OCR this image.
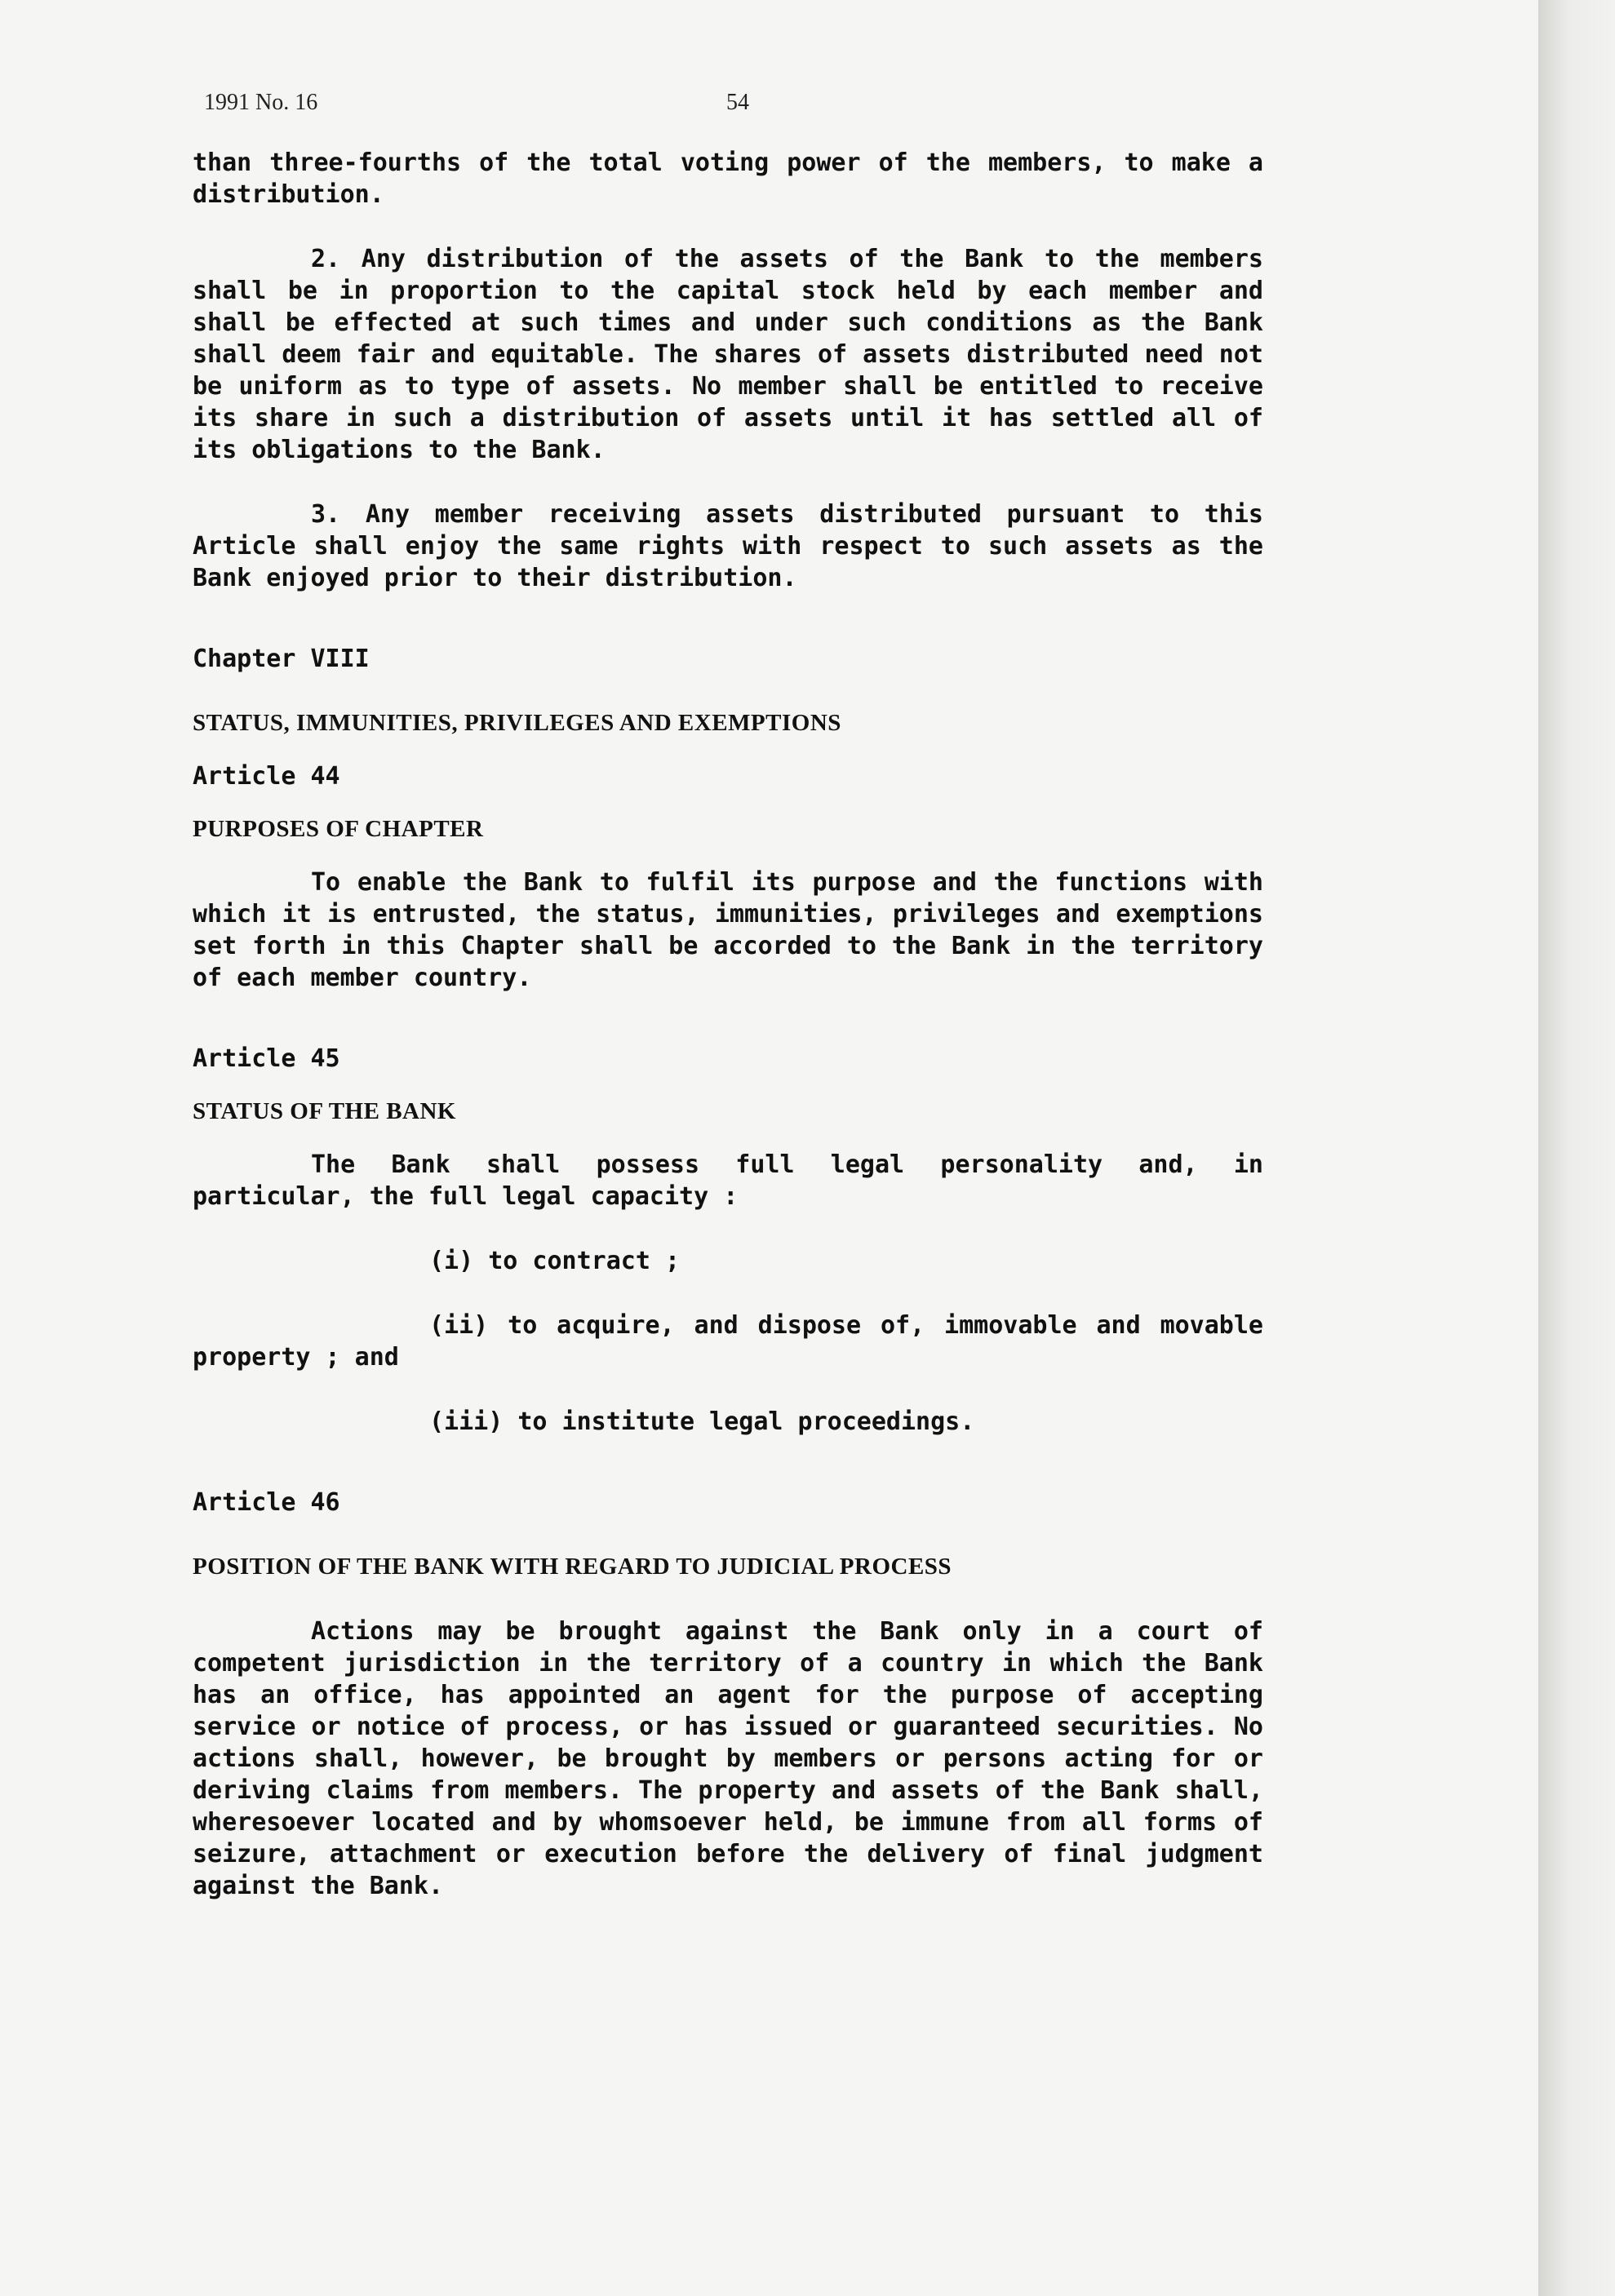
1991 No. 16	54

than three-fourths of the total voting power of the members, to make a distribution.

2. Any distribution of the assets of the Bank to the members shall be in proportion to the capital stock held by each member and shall be effected at such times and under such conditions as the Bank shall deem fair and equitable. The shares of assets distributed need not be uniform as to type of assets. No member shall be entitled to receive its share in such a distribution of assets until it has settled all of its obligations to the Bank.

3. Any member receiving assets distributed pursuant to this Article shall enjoy the same rights with respect to such assets as the Bank enjoyed prior to their distribution.

Chapter VIII

STATUS, IMMUNITIES, PRIVILEGES AND EXEMPTIONS

Article 44

PURPOSES OF CHAPTER

To enable the Bank to fulfil its purpose and the functions with which it is entrusted, the status, immunities, privileges and exemptions set forth in this Chapter shall be accorded to the Bank in the territory of each member country.

Article 45

STATUS OF THE BANK

The Bank shall possess full legal personality and, in particular, the full legal capacity :

(i) to contract ;

(ii) to acquire, and dispose of, immovable and movable property ; and

(iii) to institute legal proceedings.

Article 46

POSITION OF THE BANK WITH REGARD TO JUDICIAL PROCESS

Actions may be brought against the Bank only in a court of competent jurisdiction in the territory of a country in which the Bank has an office, has appointed an agent for the purpose of accepting service or notice of process, or has issued or guaranteed securities. No actions shall, however, be brought by members or persons acting for or deriving claims from members. The property and assets of the Bank shall, wheresoever located and by whomsoever held, be immune from all forms of seizure, attachment or execution before the delivery of final judgment against the Bank.
